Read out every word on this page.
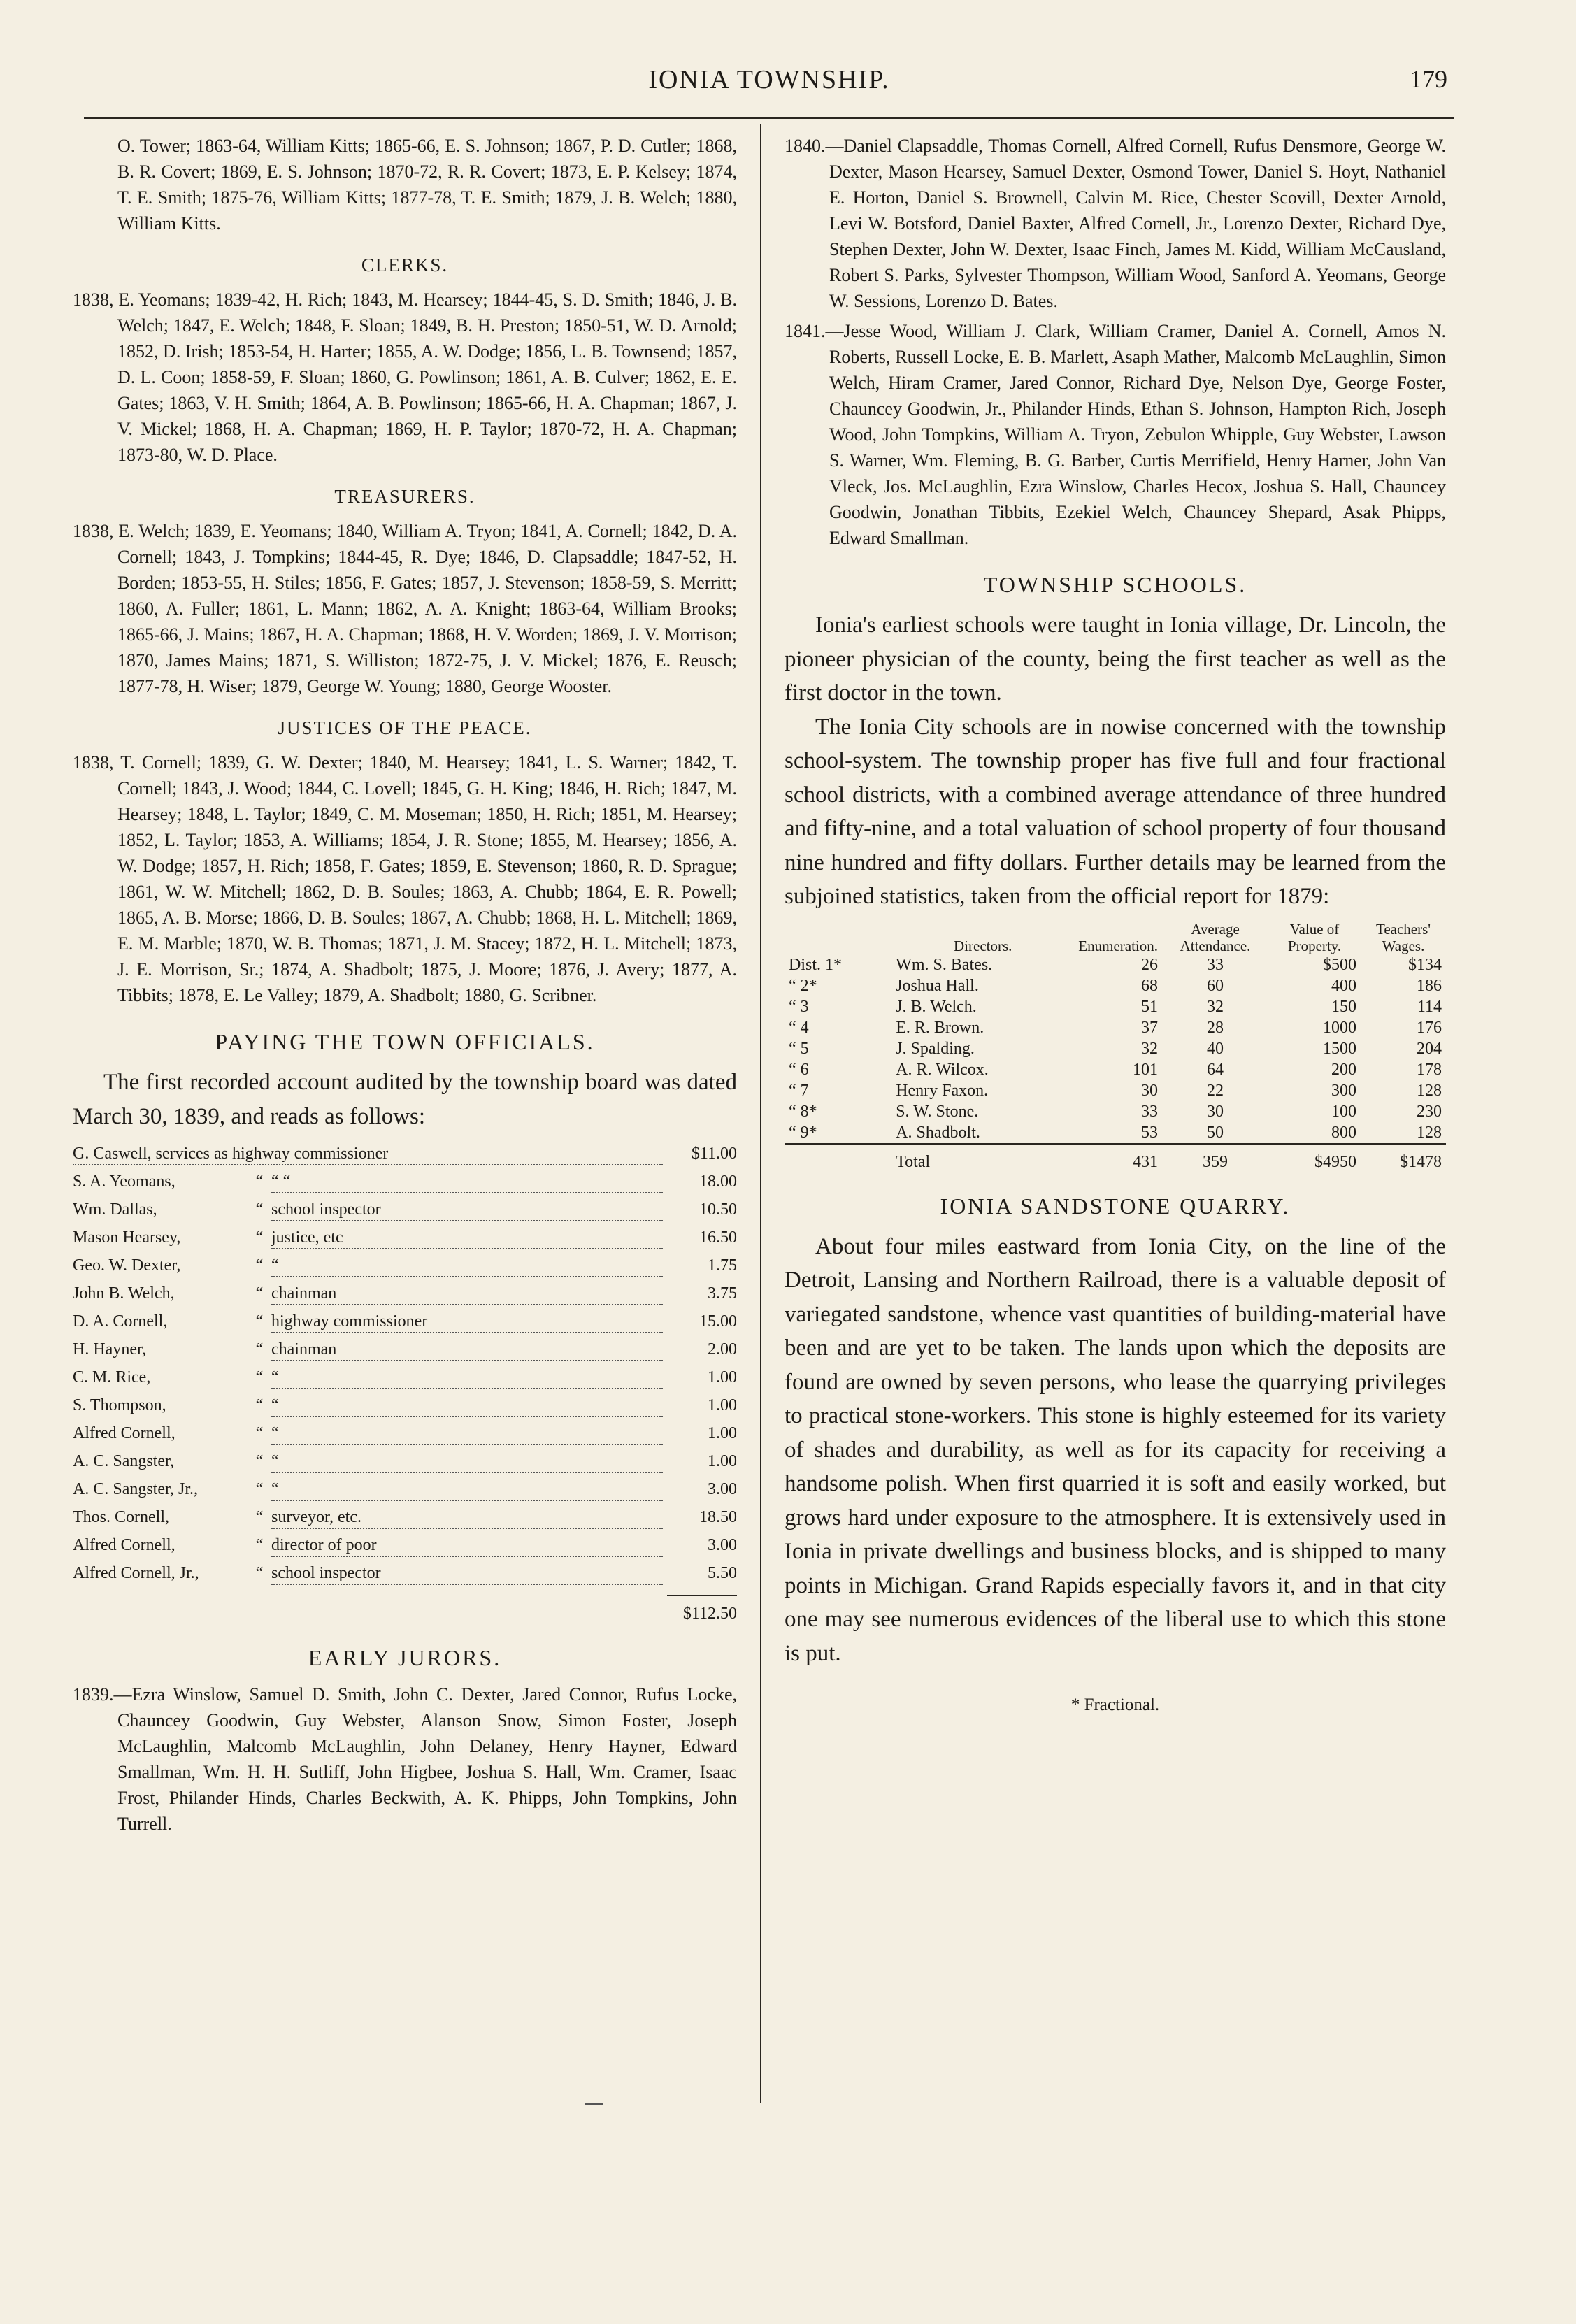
IONIA TOWNSHIP.	179

O. Tower; 1863-64, William Kitts; 1865-66, E. S. Johnson; 1867, P. D. Cutler; 1868, B. R. Covert; 1869, E. S. Johnson; 1870-72, R. R. Covert; 1873, E. P. Kelsey; 1874, T. E. Smith; 1875-76, William Kitts; 1877-78, T. E. Smith; 1879, J. B. Welch; 1880, William Kitts.

CLERKS.

1838, E. Yeomans; 1839-42, H. Rich; 1843, M. Hearsey; 1844-45, S. D. Smith; 1846, J. B. Welch; 1847, E. Welch; 1848, F. Sloan; 1849, B. H. Preston; 1850-51, W. D. Arnold; 1852, D. Irish; 1853-54, H. Harter; 1855, A. W. Dodge; 1856, L. B. Townsend; 1857, D. L. Coon; 1858-59, F. Sloan; 1860, G. Powlinson; 1861, A. B. Culver; 1862, E. E. Gates; 1863, V. H. Smith; 1864, A. B. Powlinson; 1865-66, H. A. Chapman; 1867, J. V. Mickel; 1868, H. A. Chapman; 1869, H. P. Taylor; 1870-72, H. A. Chapman; 1873-80, W. D. Place.

TREASURERS.

1838, E. Welch; 1839, E. Yeomans; 1840, William A. Tryon; 1841, A. Cornell; 1842, D. A. Cornell; 1843, J. Tompkins; 1844-45, R. Dye; 1846, D. Clapsaddle; 1847-52, H. Borden; 1853-55, H. Stiles; 1856, F. Gates; 1857, J. Stevenson; 1858-59, S. Merritt; 1860, A. Fuller; 1861, L. Mann; 1862, A. A. Knight; 1863-64, William Brooks; 1865-66, J. Mains; 1867, H. A. Chapman; 1868, H. V. Worden; 1869, J. V. Morrison; 1870, James Mains; 1871, S. Williston; 1872-75, J. V. Mickel; 1876, E. Reusch; 1877-78, H. Wiser; 1879, George W. Young; 1880, George Wooster.

JUSTICES OF THE PEACE.

1838, T. Cornell; 1839, G. W. Dexter; 1840, M. Hearsey; 1841, L. S. Warner; 1842, T. Cornell; 1843, J. Wood; 1844, C. Lovell; 1845, G. H. King; 1846, H. Rich; 1847, M. Hearsey; 1848, L. Taylor; 1849, C. M. Moseman; 1850, H. Rich; 1851, M. Hearsey; 1852, L. Taylor; 1853, A. Williams; 1854, J. R. Stone; 1855, M. Hearsey; 1856, A. W. Dodge; 1857, H. Rich; 1858, F. Gates; 1859, E. Stevenson; 1860, R. D. Sprague; 1861, W. W. Mitchell; 1862, D. B. Soules; 1863, A. Chubb; 1864, E. R. Powell; 1865, A. B. Morse; 1866, D. B. Soules; 1867, A. Chubb; 1868, H. L. Mitchell; 1869, E. M. Marble; 1870, W. B. Thomas; 1871, J. M. Stacey; 1872, H. L. Mitchell; 1873, J. E. Morrison, Sr.; 1874, A. Shadbolt; 1875, J. Moore; 1876, J. Avery; 1877, A. Tibbits; 1878, E. Le Valley; 1879, A. Shadbolt; 1880, G. Scribner.

PAYING THE TOWN OFFICIALS.

The first recorded account audited by the township board was dated March 30, 1839, and reads as follows:

G. Caswell, services as highway commissioner	$11.00
S. A. Yeomans,	“ “ “	18.00
Wm. Dallas,	“ school inspector	10.50
Mason Hearsey,	“ justice, etc	16.50
Geo. W. Dexter,	“ “	1.75
John B. Welch,	“ chainman	3.75
D. A. Cornell,	“ highway commissioner	15.00
H. Hayner,	“ chainman	2.00
C. M. Rice,	“ “	1.00
S. Thompson,	“ “	1.00
Alfred Cornell,	“ “	1.00
A. C. Sangster,	“ “	1.00
A. C. Sangster, Jr.,	“ “	3.00
Thos. Cornell,	“ surveyor, etc.	18.50
Alfred Cornell,	“ director of poor	3.00
Alfred Cornell, Jr.,	“ school inspector	5.50
$112.50
EARLY JURORS.

1839.—Ezra Winslow, Samuel D. Smith, John C. Dexter, Jared Connor, Rufus Locke, Chauncey Goodwin, Guy Webster, Alanson Snow, Simon Foster, Joseph McLaughlin, Malcomb McLaughlin, John Delaney, Henry Hayner, Edward Smallman, Wm. H. H. Sutliff, John Higbee, Joshua S. Hall, Wm. Cramer, Isaac Frost, Philander Hinds, Charles Beckwith, A. K. Phipps, John Tompkins, John Turrell.

1840.—Daniel Clapsaddle, Thomas Cornell, Alfred Cornell, Rufus Densmore, George W. Dexter, Mason Hearsey, Samuel Dexter, Osmond Tower, Daniel S. Hoyt, Nathaniel E. Horton, Daniel S. Brownell, Calvin M. Rice, Chester Scovill, Dexter Arnold, Levi W. Botsford, Daniel Baxter, Alfred Cornell, Jr., Lorenzo Dexter, Richard Dye, Stephen Dexter, John W. Dexter, Isaac Finch, James M. Kidd, William McCausland, Robert S. Parks, Sylvester Thompson, William Wood, Sanford A. Yeomans, George W. Sessions, Lorenzo D. Bates.

1841.—Jesse Wood, William J. Clark, William Cramer, Daniel A. Cornell, Amos N. Roberts, Russell Locke, E. B. Marlett, Asaph Mather, Malcomb McLaughlin, Simon Welch, Hiram Cramer, Jared Connor, Richard Dye, Nelson Dye, George Foster, Chauncey Goodwin, Jr., Philander Hinds, Ethan S. Johnson, Hampton Rich, Joseph Wood, John Tompkins, William A. Tryon, Zebulon Whipple, Guy Webster, Lawson S. Warner, Wm. Fleming, B. G. Barber, Curtis Merrifield, Henry Harner, John Van Vleck, Jos. McLaughlin, Ezra Winslow, Charles Hecox, Joshua S. Hall, Chauncey Goodwin, Jonathan Tibbits, Ezekiel Welch, Chauncey Shepard, Asak Phipps, Edward Smallman.

TOWNSHIP SCHOOLS.

Ionia's earliest schools were taught in Ionia village, Dr. Lincoln, the pioneer physician of the county, being the first teacher as well as the first doctor in the town.

The Ionia City schools are in nowise concerned with the township school-system. The township proper has five full and four fractional school districts, with a combined average attendance of three hundred and fifty-nine, and a total valuation of school property of four thousand nine hundred and fifty dollars. Further details may be learned from the subjoined statistics, taken from the official report for 1879:

	Directors.	Enumeration.	Average Attendance.	Value of Property.	Teachers' Wages.
Dist. 1*	Wm. S. Bates.	26	33	$500	$134
“ 2*	Joshua Hall.	68	60	400	186
“ 3	J. B. Welch.	51	32	150	114
“ 4	E. R. Brown.	37	28	1000	176
“ 5	J. Spalding.	32	40	1500	204
“ 6	A. R. Wilcox.	101	64	200	178
“ 7	Henry Faxon.	30	22	300	128
“ 8*	S. W. Stone.	33	30	100	230
“ 9*	A. Shadbolt.	53	50	800	128
	Total	431	359	$4950	$1478
IONIA SANDSTONE QUARRY.

About four miles eastward from Ionia City, on the line of the Detroit, Lansing and Northern Railroad, there is a valuable deposit of variegated sandstone, whence vast quantities of building-material have been and are yet to be taken. The lands upon which the deposits are found are owned by seven persons, who lease the quarrying privileges to practical stone-workers. This stone is highly esteemed for its variety of shades and durability, as well as for its capacity for receiving a handsome polish. When first quarried it is soft and easily worked, but grows hard under exposure to the atmosphere. It is extensively used in Ionia in private dwellings and business blocks, and is shipped to many points in Michigan. Grand Rapids especially favors it, and in that city one may see numerous evidences of the liberal use to which this stone is put.

* Fractional.
